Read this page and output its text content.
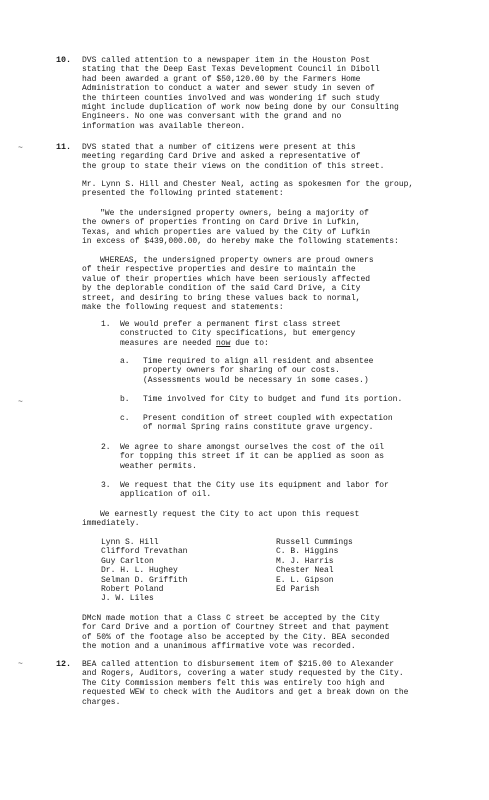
~
~
~
10. DVS called attention to a newspaper item in the Houston Post
stating that the Deep East Texas Development Council in Diboll
had been awarded a grant of $50,120.00 by the Farmers Home
Administration to conduct a water and sewer study in seven of
the thirteen counties involved and was wondering if such study
might include duplication of work now being done by our Consulting
Engineers. No one was conversant with the grand and no
information was available thereon.
11. DVS stated that a number of citizens were present at this
meeting regarding Card Drive and asked a representative of
the group to state their views on the condition of this street.
Mr. Lynn S. Hill and Chester Neal, acting as spokesmen for the group,
presented the following printed statement:
"We the undersigned property owners, being a majority of
the owners of properties fronting on Card Drive in Lufkin,
Texas, and which properties are valued by the City of Lufkin
in excess of $439,000.00, do hereby make the following statements:
WHEREAS, the undersigned property owners are proud owners
of their respective properties and desire to maintain the
value of their properties which have been seriously affected
by the deplorable condition of the said Card Drive, a City
street, and desiring to bring these values back to normal,
make the following request and statements:
1. We would prefer a permanent first class street
constructed to City specifications, but emergency
measures are needed now due to:
a. Time required to align all resident and absentee
property owners for sharing of our costs.
(Assessments would be necessary in some cases.)
b. Time involved for City to budget and fund its portion.
c. Present condition of street coupled with expectation
of normal Spring rains constitute grave urgency.
2. We agree to share amongst ourselves the cost of the oil
for topping this street if it can be applied as soon as
weather permits.
3. We request that the City use its equipment and labor for
application of oil.
We earnestly request the City to act upon this request
immediately.
Lynn S. Hill
Clifford Trevathan
Guy Carlton
Dr. H. L. Hughey
Selman D. Griffith
Robert Poland
J. W. Liles
Russell Cummings
C. B. Higgins
M. J. Harris
Chester Neal
E. L. Gipson
Ed Parish
DMcN made motion that a Class C street be accepted by the City
for Card Drive and a portion of Courtney Street and that payment
of 50% of the footage also be accepted by the City. BEA seconded
the motion and a unanimous affirmative vote was recorded.
12. BEA called attention to disbursement item of $215.00 to Alexander
and Rogers, Auditors, covering a water study requested by the City.
The City Commission members felt this was entirely too high and
requested WEW to check with the Auditors and get a break down on the
charges.
